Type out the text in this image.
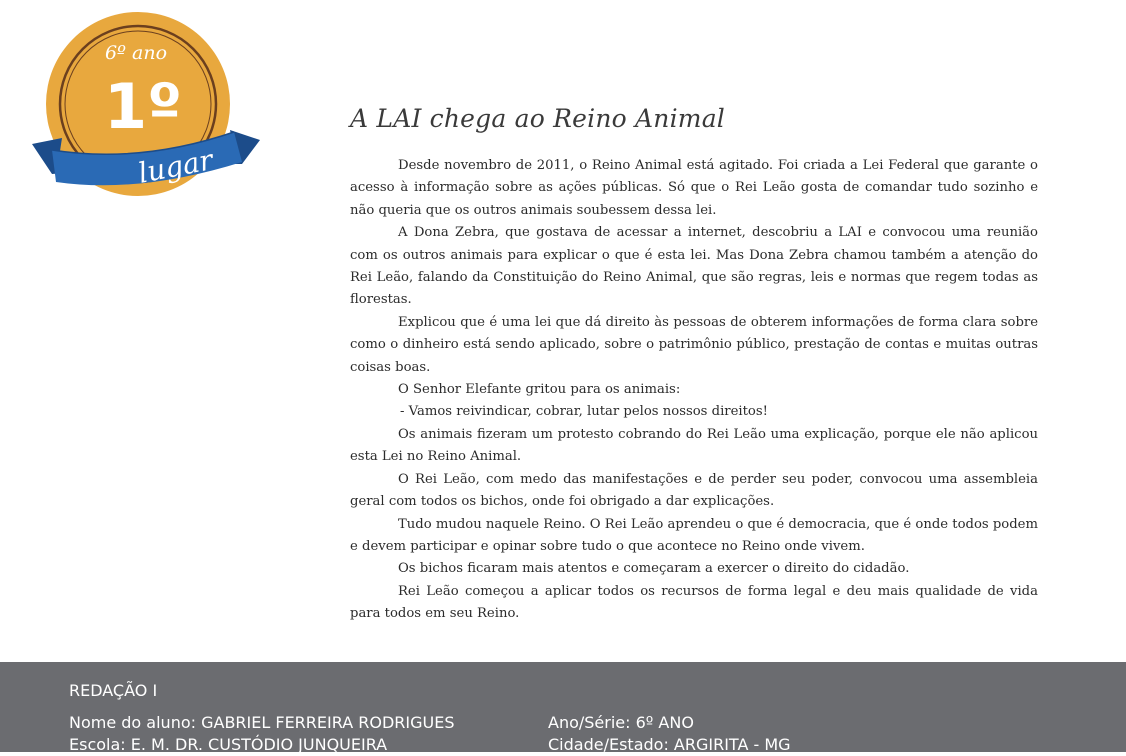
6º ano
1º
lugar
A LAI chega ao Reino Animal

Desde novembro de 2011, o Reino Animal está agitado. Foi criada a Lei Federal que garante o acesso à informação sobre as ações públicas. Só que o Rei Leão gosta de comandar tudo sozinho e não queria que os outros animais soubessem dessa lei.

A Dona Zebra, que gostava de acessar a internet, descobriu a LAI e convocou uma reunião com os outros animais para explicar o que é esta lei. Mas Dona Zebra chamou também a atenção do Rei Leão, falando da Constituição do Reino Animal, que são regras, leis e normas que regem todas as florestas.

Explicou que é uma lei que dá direito às pessoas de obterem informações de forma clara sobre como o dinheiro está sendo aplicado, sobre o patrimônio público, prestação de contas e muitas outras coisas boas.

O Senhor Elefante gritou para os animais:

- Vamos reivindicar, cobrar, lutar pelos nossos direitos!

Os animais fizeram um protesto cobrando do Rei Leão uma explicação, porque ele não aplicou esta Lei no Reino Animal.

O Rei Leão, com medo das manifestações e de perder seu poder, convocou uma assembleia geral com todos os bichos, onde foi obrigado a dar explicações.

Tudo mudou naquele Reino. O Rei Leão aprendeu o que é democracia, que é onde todos podem e devem participar e opinar sobre tudo o que acontece no Reino onde vivem.

Os bichos ficaram mais atentos e começaram a exercer o direito do cidadão.

Rei Leão começou a aplicar todos os recursos de forma legal e deu mais qualidade de vida para todos em seu Reino.

REDAÇÃO I
Nome do aluno: GABRIEL FERREIRA RODRIGUES
Escola: E. M. DR. CUSTÓDIO JUNQUEIRA
Ano/Série: 6º ANO
Cidade/Estado: ARGIRITA - MG
